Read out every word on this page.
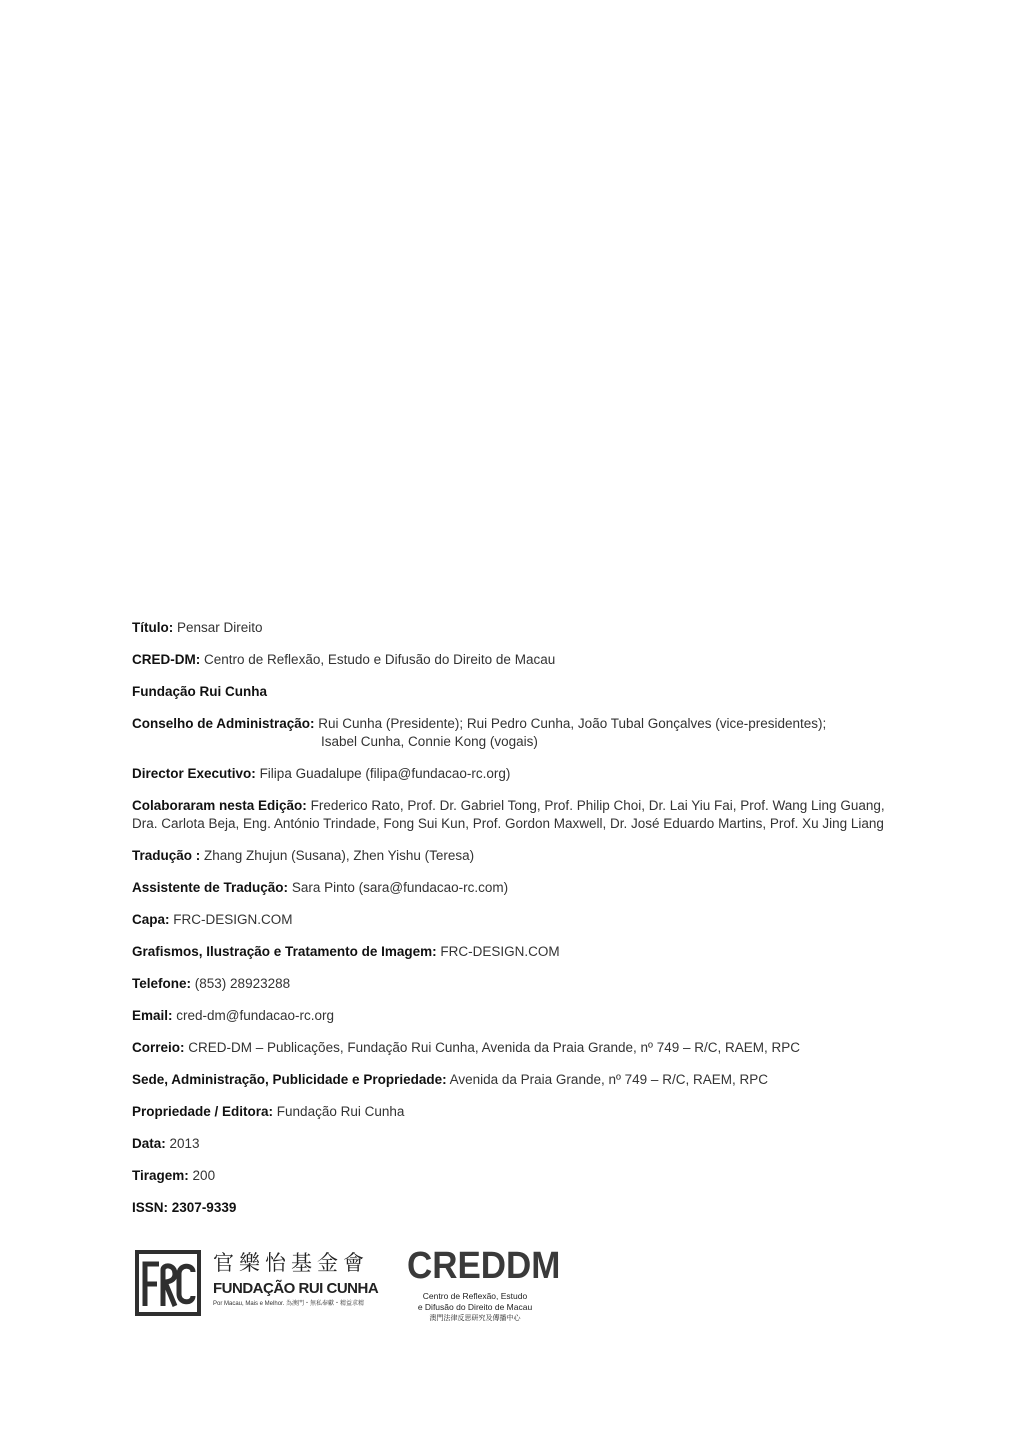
Título: Pensar Direito
CRED-DM: Centro de Reflexão, Estudo e Difusão do Direito de Macau
Fundação Rui Cunha
Conselho de Administração: Rui Cunha (Presidente); Rui Pedro Cunha, João Tubal Gonçalves (vice-presidentes);
Isabel Cunha, Connie Kong (vogais)
Director Executivo: Filipa Guadalupe (filipa@fundacao-rc.org)
Colaboraram nesta Edição: Frederico Rato, Prof. Dr. Gabriel Tong, Prof. Philip Choi, Dr. Lai Yiu Fai, Prof. Wang Ling Guang,
Dra. Carlota Beja, Eng. António Trindade, Fong Sui Kun, Prof. Gordon Maxwell, Dr. José Eduardo Martins, Prof. Xu Jing Liang
Tradução : Zhang Zhujun (Susana), Zhen Yishu (Teresa)
Assistente de Tradução: Sara Pinto (sara@fundacao-rc.com)
Capa: FRC-DESIGN.COM
Grafismos, Ilustração e Tratamento de Imagem: FRC-DESIGN.COM
Telefone: (853) 28923288
Email: cred-dm@fundacao-rc.org
Correio: CRED-DM – Publicações, Fundação Rui Cunha, Avenida da Praia Grande, nº 749 – R/C, RAEM, RPC
Sede, Administração, Publicidade e Propriedade: Avenida da Praia Grande, nº 749 – R/C, RAEM, RPC
Propriedade / Editora: Fundação Rui Cunha
Data: 2013
Tiragem: 200
ISSN: 2307-9339
官樂怡基金會
FUNDAÇÃO RUI CUNHA
Por Macau, Mais e Melhor. 為澳門・無私奉獻・精益求精
CREDDM
Centro de Reflexão, Estudo
e Difusão do Direito de Macau
澳門法律反思研究及傳播中心
